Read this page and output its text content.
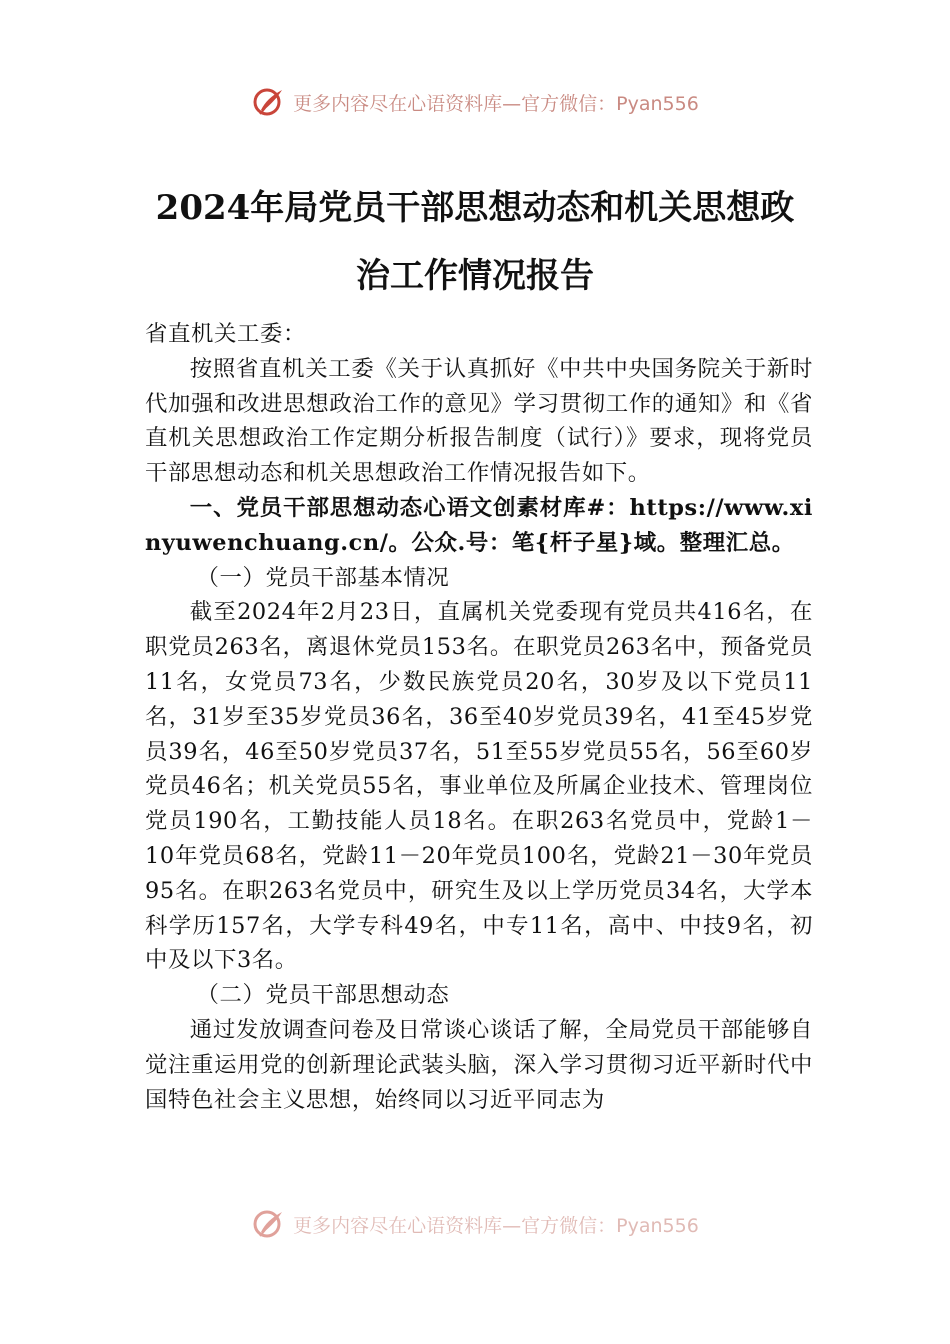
更多内容尽在心语资料库—官方微信：Pyan556
2024年局党员干部思想动态和机关思想政
治工作情况报告

省直机关工委：

按照省直机关工委《关于认真抓好《中共中央国务院关于新时代加强和改进思想政治工作的意见》学习贯彻工作的通知》和《省直机关思想政治工作定期分析报告制度（试行）》要求，现将党员干部思想动态和机关思想政治工作情况报告如下。

一、党员干部思想动态心语文创素材库#：https://www.xinyuwenchuang.cn/。公众.号：笔{杆子星}域。整理汇总。

（一）党员干部基本情况

截至2024年2月23日，直属机关党委现有党员共416名，在职党员263名，离退休党员153名。在职党员263名中，预备党员11名，女党员73名，少数民族党员20名，30岁及以下党员11名，31岁至35岁党员36名，36至40岁党员39名，41至45岁党员39名，46至50岁党员37名，51至55岁党员55名，56至60岁党员46名；机关党员55名，事业单位及所属企业技术、管理岗位党员190名，工勤技能人员18名。在职263名党员中，党龄1－10年党员68名，党龄11－20年党员100名，党龄21－30年党员95名。在职263名党员中，研究生及以上学历党员34名，大学本科学历157名，大学专科49名，中专11名，高中、中技9名，初中及以下3名。

（二）党员干部思想动态

通过发放调查问卷及日常谈心谈话了解，全局党员干部能够自觉注重运用党的创新理论武装头脑，深入学习贯彻习近平新时代中国特色社会主义思想，始终同以习近平同志为

更多内容尽在心语资料库—官方微信：Pyan556
